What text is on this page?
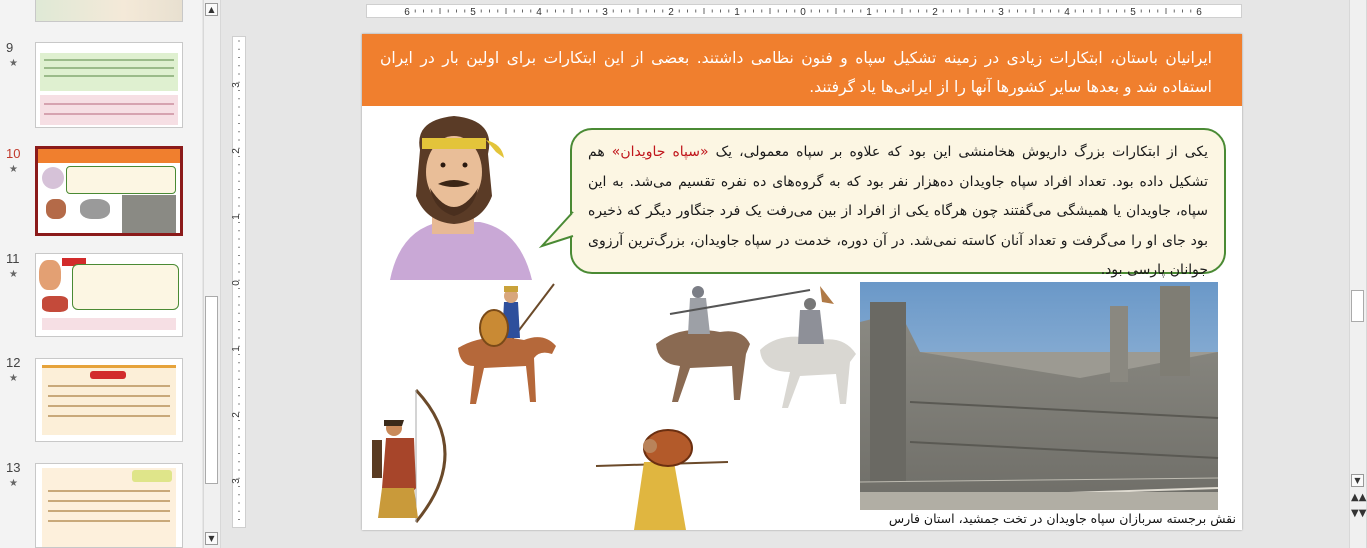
9
★
10
★
11
★
12
★
13
★
▲
▼
6	5	4	3	2	1	0	1	2	3	4	5	6
3
2
1
0
1
2
3
ایرانیان باستان، ابتکارات زیادی در زمینه تشکیل سپاه و فنون نظامی داشتند. بعضی از این ابتکارات برای اولین بار در ایران استفاده شد و بعدها سایر کشورها آنها را از ایرانی‌ها یاد گرفتند.
یکی از ابتکارات بزرگ داریوش هخامنشی این بود که علاوه بر سپاه معمولی، یک «سپاه جاویدان» هم تشکیل داده بود. تعداد افراد سپاه جاویدان ده‌هزار نفر بود که به گروه‌های ده نفره تقسیم می‌شد. به این سپاه، جاویدان یا همیشگی می‌گفتند چون هرگاه یکی از افراد از بین می‌رفت یک فرد جنگاور دیگر که ذخیره بود جای او را می‌گرفت و تعداد آنان کاسته نمی‌شد. در آن دوره، خدمت در سپاه جاویدان، بزرگ‌ترین آرزوی جوانان پارسی بود.
نقش برجسته سربازان سپاه جاویدان در تخت جمشید، استان فارس
▼
▲▲
▼▼
